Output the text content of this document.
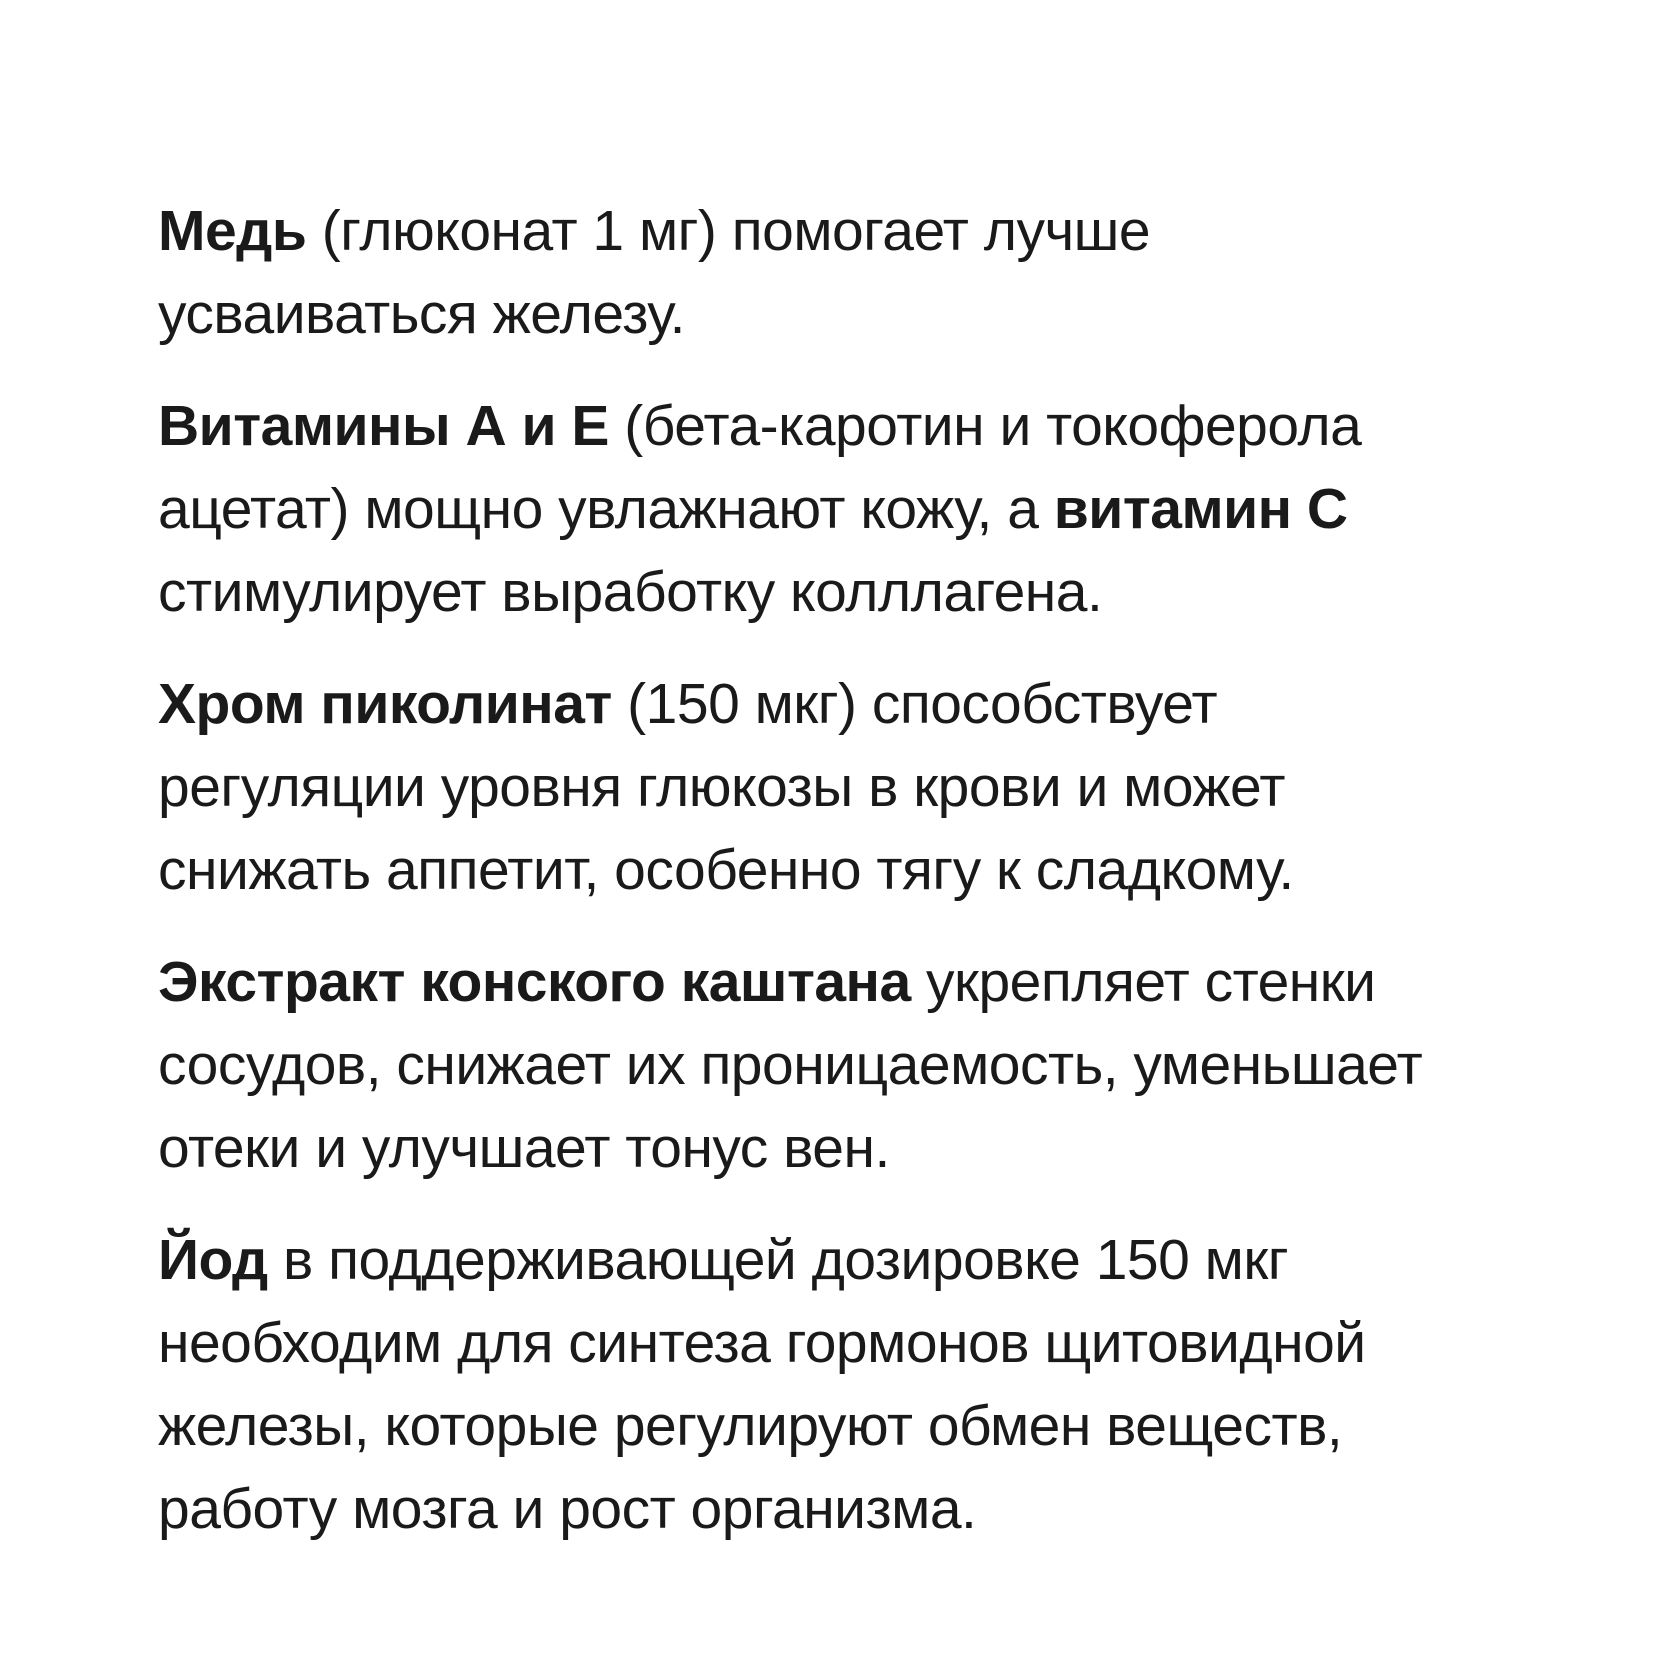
Медь (глюконат 1 мг) помогает лучше
усваиваться железу.

Витамины А и Е (бета-каротин и токоферола
ацетат) мощно увлажнают кожу, а витамин С
стимулирует выработку колллагена.

Хром пиколинат (150 мкг) способствует
регуляции уровня глюкозы в крови и может
снижать аппетит, особенно тягу к сладкому.

Экстракт конского каштана укрепляет стенки
сосудов, снижает их проницаемость, уменьшает
отеки и улучшает тонус вен.

Йод в поддерживающей дозировке 150 мкг
необходим для синтеза гормонов щитовидной
железы, которые регулируют обмен веществ,
работу мозга и рост организма.
